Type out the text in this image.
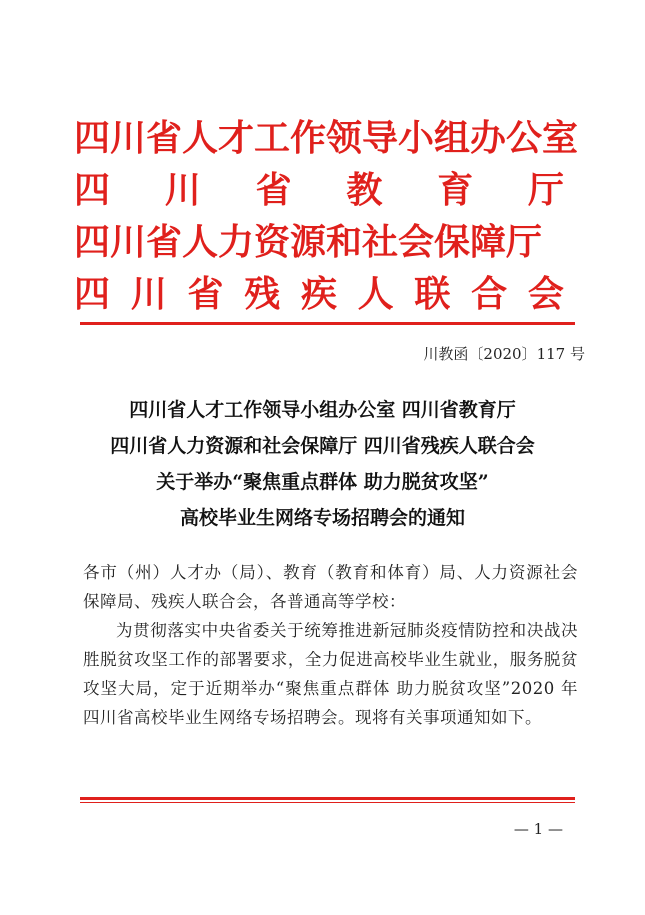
四川省人才工作领导小组办公室
四 川 省 教 育 厅
四川省人力资源和社会保障厅
四 川 省 残 疾 人 联 合 会
川教函〔2020〕117 号
四川省人才工作领导小组办公室 四川省教育厅
四川省人力资源和社会保障厅 四川省残疾人联合会
关于举办“聚焦重点群体 助力脱贫攻坚”
高校毕业生网络专场招聘会的通知

各市（州）人才办（局）、教育（教育和体育）局、人力资源社会保障局、残疾人联合会，各普通高等学校：

为贯彻落实中央省委关于统筹推进新冠肺炎疫情防控和决战决胜脱贫攻坚工作的部署要求，全力促进高校毕业生就业，服务脱贫攻坚大局，定于近期举办“聚焦重点群体 助力脱贫攻坚”2020 年四川省高校毕业生网络专场招聘会。现将有关事项通知如下。

— 1 —
